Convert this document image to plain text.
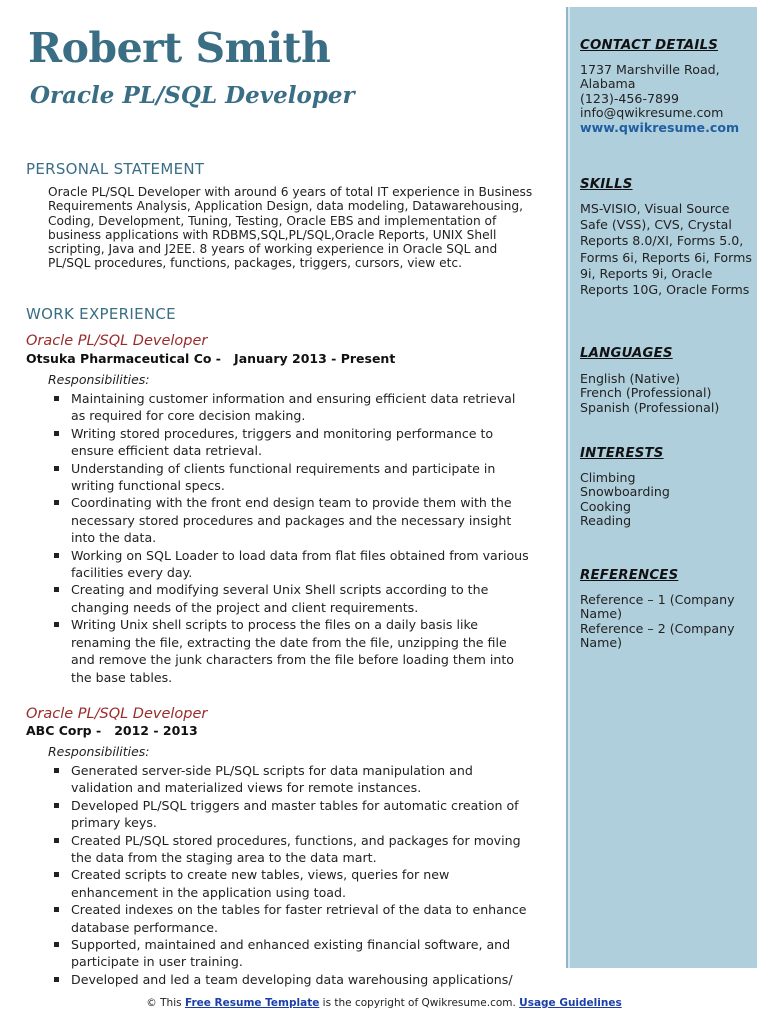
Robert Smith
Oracle PL/SQL Developer
PERSONAL STATEMENT

Oracle PL/SQL Developer with around 6 years of total IT experience in Business Requirements Analysis, Application Design, data modeling, Datawarehousing, Coding, Development, Tuning, Testing, Oracle EBS and implementation of business applications with RDBMS,SQL,PL/SQL,Oracle Reports, UNIX Shell scripting, Java and J2EE. 8 years of working experience in Oracle SQL and PL/SQL procedures, functions, packages, triggers, cursors, view etc.

WORK EXPERIENCE
Oracle PL/SQL Developer
Otsuka Pharmaceutical Co -   January 2013 - Present
Responsibilities:
Maintaining customer information and ensuring efficient data retrieval as required for core decision making.
Writing stored procedures, triggers and monitoring performance to ensure efficient data retrieval.
Understanding of clients functional requirements and participate in writing functional specs.
Coordinating with the front end design team to provide them with the necessary stored procedures and packages and the necessary insight into the data.
Working on SQL Loader to load data from flat files obtained from various facilities every day.
Creating and modifying several Unix Shell scripts according to the changing needs of the project and client requirements.
Writing Unix shell scripts to process the files on a daily basis like renaming the file, extracting the date from the file, unzipping the file and remove the junk characters from the file before loading them into the base tables.
Oracle PL/SQL Developer
ABC Corp -   2012 - 2013
Responsibilities:
Generated server-side PL/SQL scripts for data manipulation and validation and materialized views for remote instances.
Developed PL/SQL triggers and master tables for automatic creation of primary keys.
Created PL/SQL stored procedures, functions, and packages for moving the data from the staging area to the data mart.
Created scripts to create new tables, views, queries for new enhancement in the application using toad.
Created indexes on the tables for faster retrieval of the data to enhance database performance.
Supported, maintained and enhanced existing financial software, and participate in user training.
Developed and led a team developing data warehousing applications/
CONTACT DETAILS
1737 Marshville Road,
Alabama
(123)-456-7899
info@qwikresume.com
www.qwikresume.com
SKILLS
MS-VISIO, Visual Source Safe (VSS), CVS, Crystal Reports 8.0/XI, Forms 5.0, Forms 6i, Reports 6i, Forms 9i, Reports 9i, Oracle Reports 10G, Oracle Forms
LANGUAGES
English (Native)
French (Professional)
Spanish (Professional)
INTERESTS
Climbing
Snowboarding
Cooking
Reading
REFERENCES
Reference – 1 (Company Name)
Reference – 2 (Company Name)
© This Free Resume Template is the copyright of Qwikresume.com. Usage Guidelines
